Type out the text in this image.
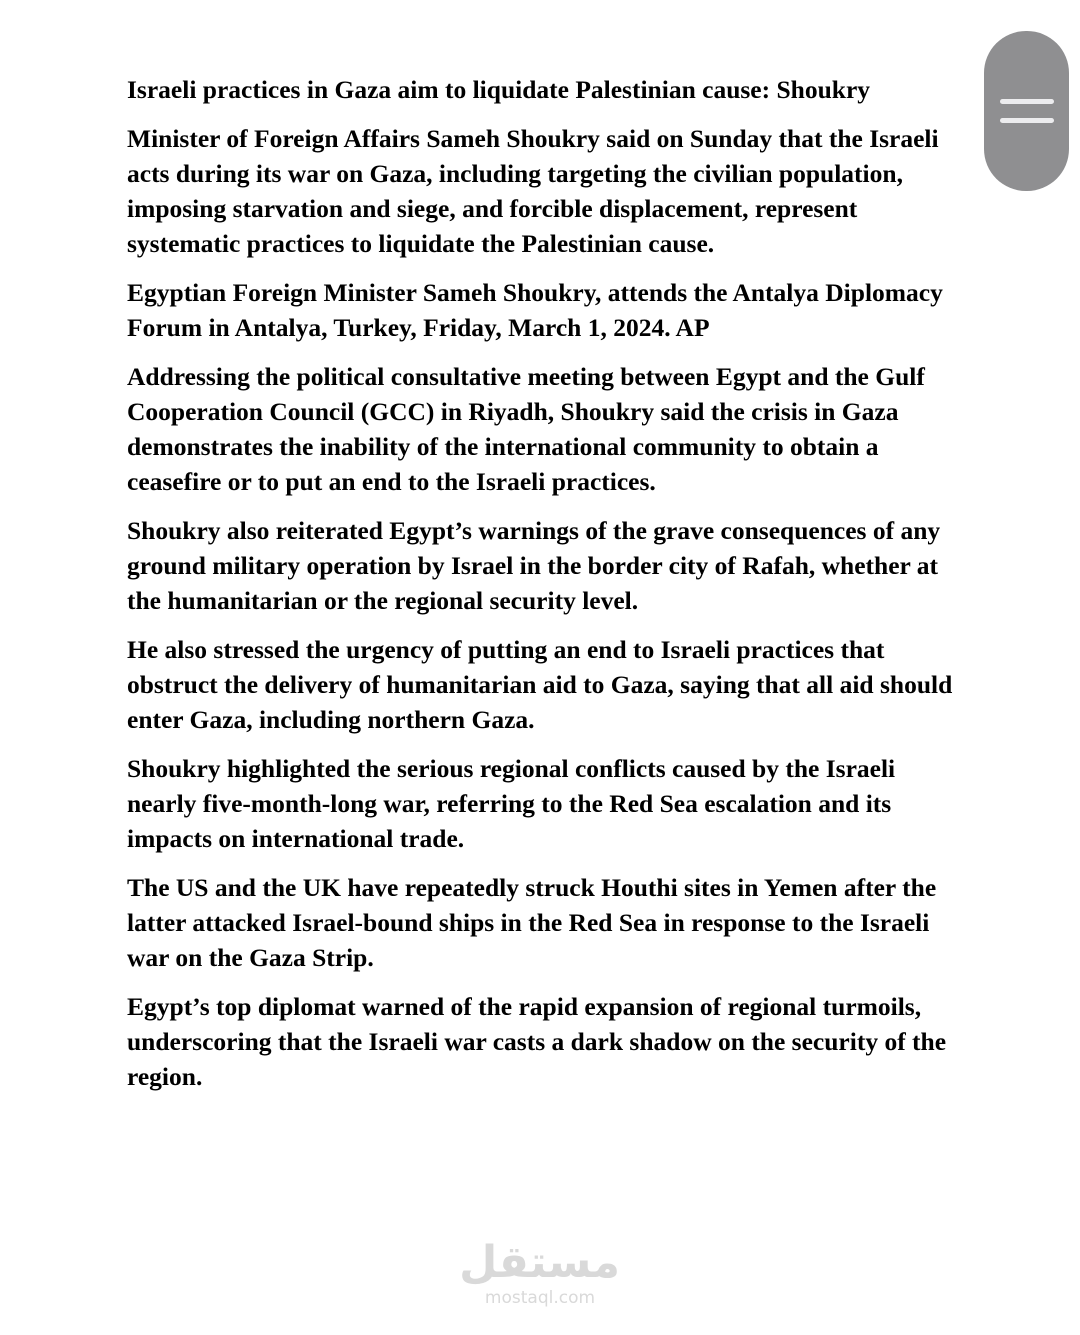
Israeli practices in Gaza aim to liquidate Palestinian cause: Shoukry

Minister of Foreign Affairs Sameh Shoukry said on Sunday that the Israeli acts during its war on Gaza, including targeting the civilian population, imposing starvation and siege, and forcible displacement, represent systematic practices to liquidate the Palestinian cause.

Egyptian Foreign Minister Sameh Shoukry, attends the Antalya Diplomacy Forum in Antalya, Turkey, Friday, March 1, 2024. AP

Addressing the political consultative meeting between Egypt and the Gulf Cooperation Council (GCC) in Riyadh, Shoukry said the crisis in Gaza demonstrates the inability of the international community to obtain a ceasefire or to put an end to the Israeli practices.

Shoukry also reiterated Egypt’s warnings of the grave consequences of any ground military operation by Israel in the border city of Rafah, whether at the humanitarian or the regional security level.

He also stressed the urgency of putting an end to Israeli practices that obstruct the delivery of humanitarian aid to Gaza, saying that all aid should enter Gaza, including northern Gaza.

Shoukry highlighted the serious regional conflicts caused by the Israeli nearly five-month-long war, referring to the Red Sea escalation and its impacts on international trade.

The US and the UK have repeatedly struck Houthi sites in Yemen after the latter attacked Israel-bound ships in the Red Sea in response to the Israeli war on the Gaza Strip.

Egypt’s top diplomat warned of the rapid expansion of regional turmoils, underscoring that the Israeli war casts a dark shadow on the security of the region.

مستقل
mostaql.com
